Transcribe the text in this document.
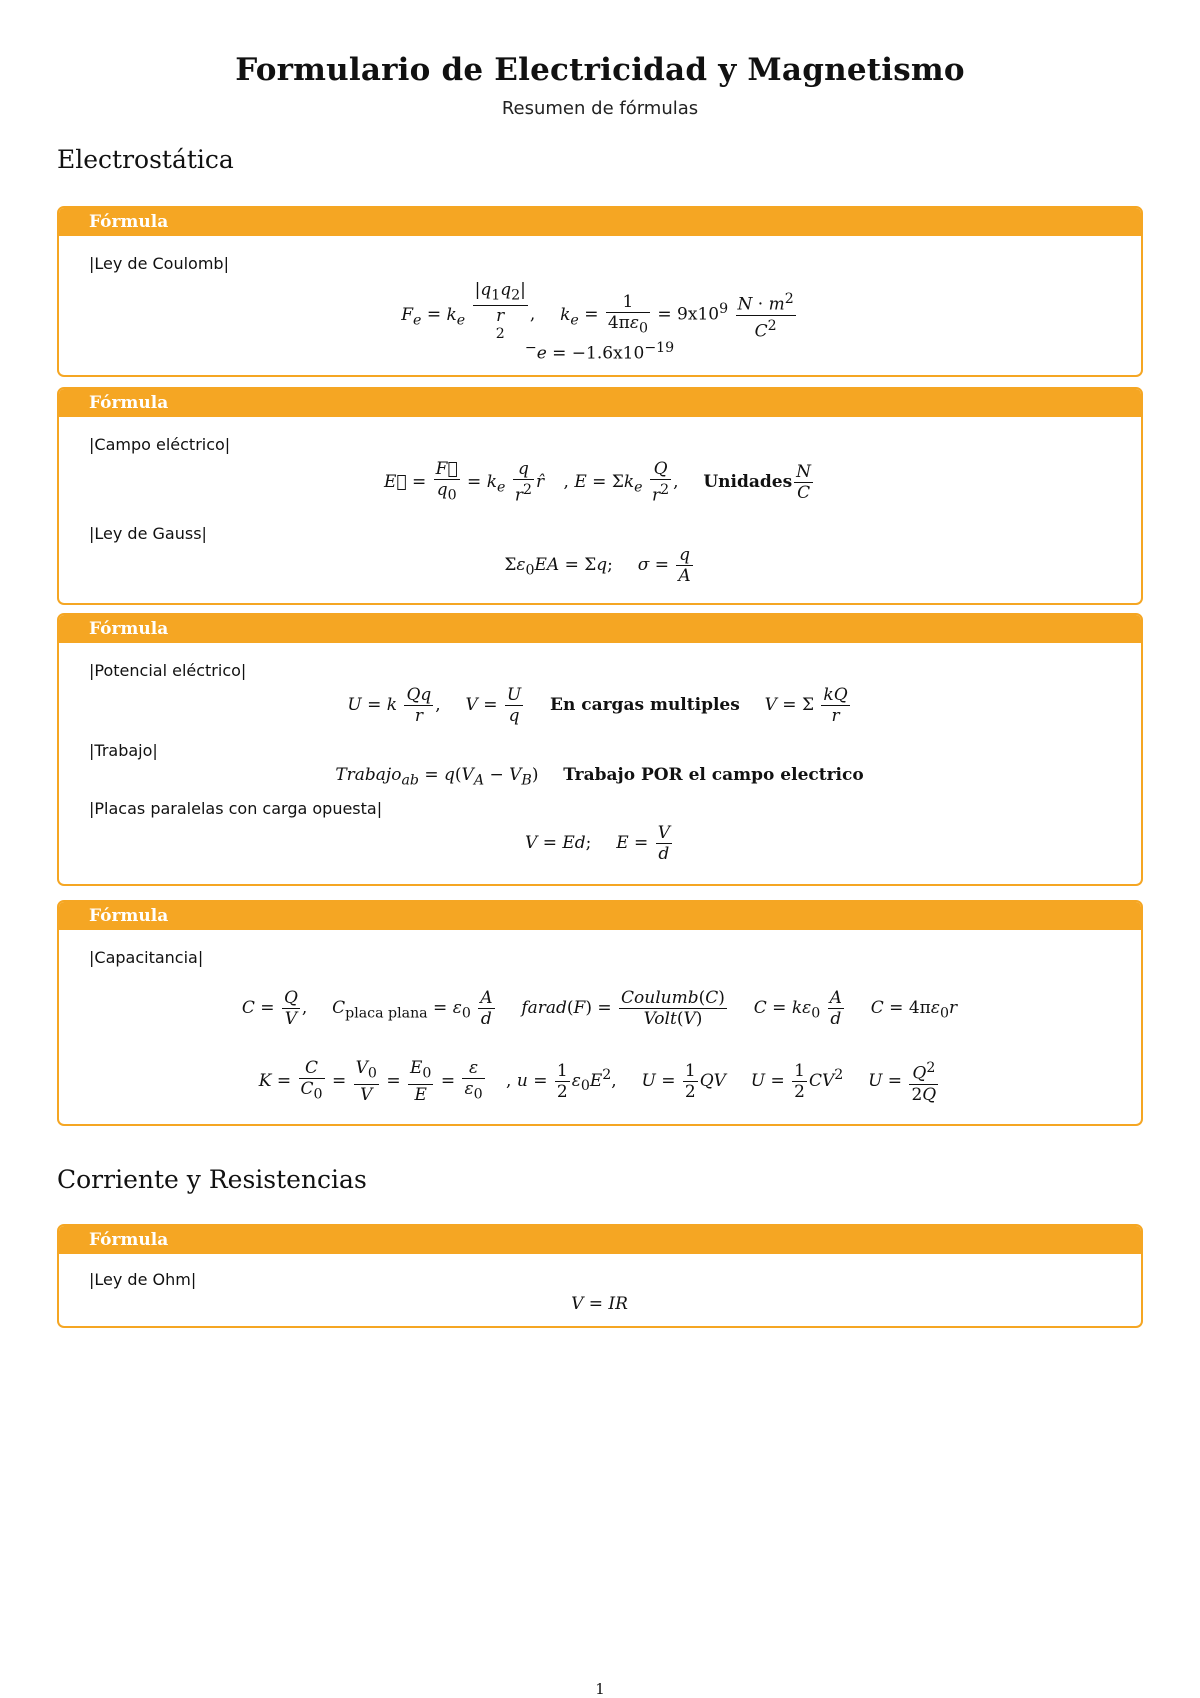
Formulario de Electricidad y Magnetismo
Resumen de fórmulas
Electrostática
Fórmula
|Ley de Coulomb|
$F_e = k_e$
$|q_1q_2|$
r
$^2$,  $k_e = \frac{1}{4\pi\varepsilon_0} = 9x10^9 \frac{N \cdot m^2}{C^2}$
$^-e = -1.6x10^{-19}$
Fórmula
|Campo eléctrico|
E⃗ = $\frac{F⃗}{q_0} = k_e \frac{q}{r^2}$ r̂ , $E = \Sigma k_e \frac{Q}{r^2}$ ,  Unidades $\frac{N}{C}$
|Ley de Gauss|
$\Sigma\varepsilon_0EA = \Sigma q$;  $\sigma = \frac{q}{A}$
Fórmula
|Potencial eléctrico|
U = k $\frac{Qq}{r}$ ,  $V = \frac{U}{q}$ En cargas multiples V = Σ $\frac{kQ}{r}$
|Trabajo|
Trabajo$_{ab}$ = $q(V_A - V_B)$  Trabajo POR el campo electrico
|Placas paralelas con carga opuesta|
V = Ed;  $E = \frac{V}{d}$
Fórmula
|Capacitancia|
$C = \frac{Q}{V}$ ,  $C_{placa plana} = \varepsilon_0 \frac{A}{d}$ farad(F) = $\frac{\text{Coulumb(C)}}{\text{Volt(V)}}$ $C = k\varepsilon_0 \frac{A}{d}$ $C = 4\pi\varepsilon_0r$
$K = \frac{C}{C_0} = \frac{V_0}{V} = \frac{E_0}{E} = \frac{\varepsilon}{\varepsilon_0}$ , $u = \frac{1}{2} \varepsilon_0E^2$,  $U = \frac{1}{2}$ QV $U = \frac{1}{2} CV^2$ $U = \frac{Q^2}{2Q}$
Corriente y Resistencias
Fórmula
|Ley de Ohm|
V = IR
1
